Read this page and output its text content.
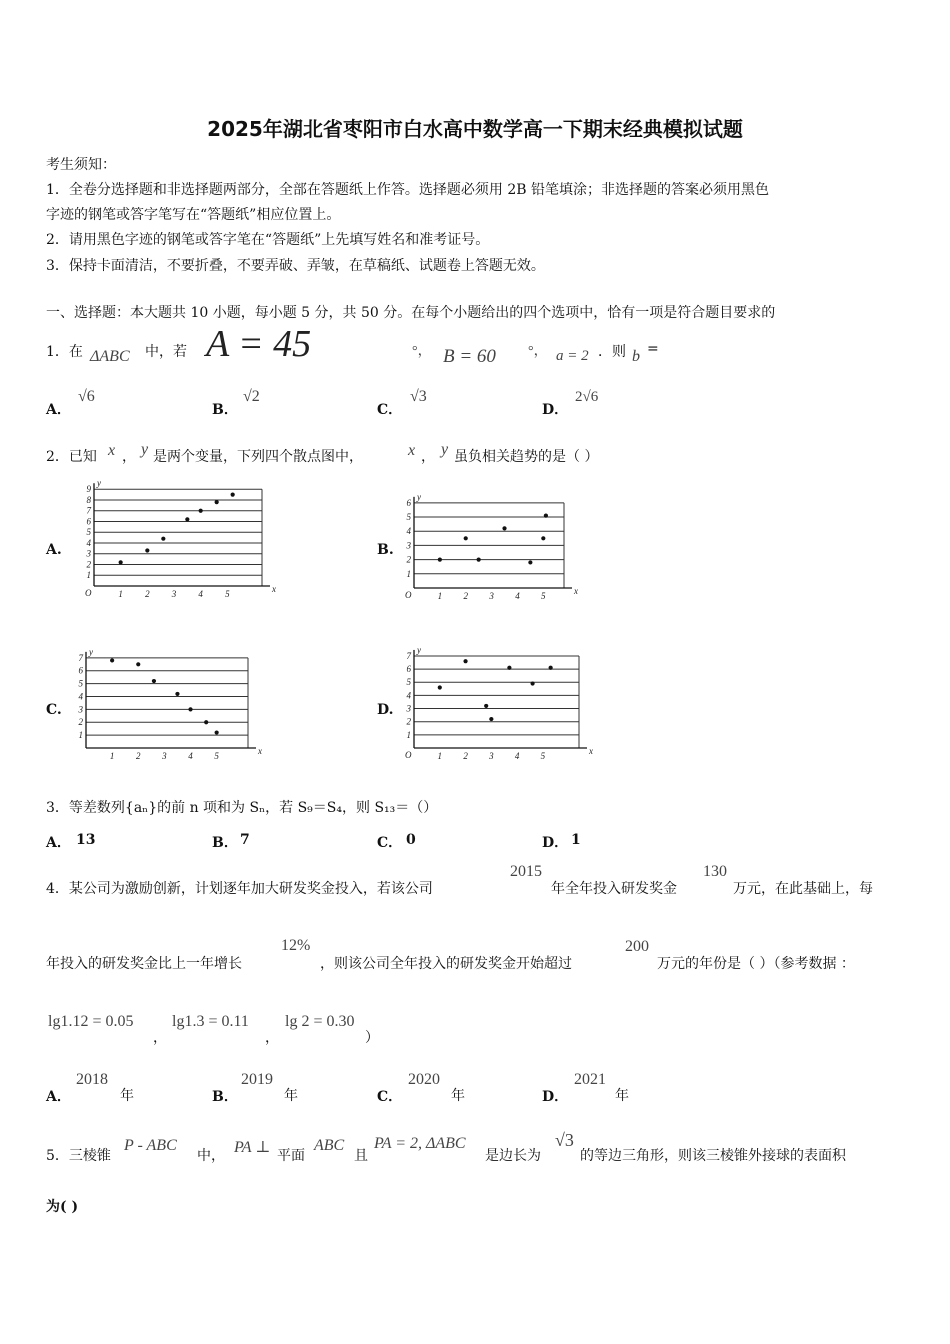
2025年湖北省枣阳市白水高中数学高一下期末经典模拟试题
考生须知：
1．全卷分选择题和非选择题两部分，全部在答题纸上作答。选择题必须用 2B 铅笔填涂；非选择题的答案必须用黑色
字迹的钢笔或答字笔写在“答题纸”相应位置上。
2．请用黑色字迹的钢笔或答字笔在“答题纸”上先填写姓名和准考证号。
3．保持卡面清洁，不要折叠，不要弄破、弄皱，在草稿纸、试题卷上答题无效。
一、选择题：本大题共 10 小题，每小题 5 分，共 50 分。在每个小题给出的四个选项中，恰有一项是符合题目要求的
1．在 ΔABC 中，若 A = 45	°， B = 60 °， a = 2 ．则 b =
A．
√6
B．
√2
C．
√3
D．
2√6
2．已知 x ， y 是两个变量，下列四个散点图中，	x ， y 虽负相关趋势的是（ ）
A.	B.
C.	D.
1
2
3
4
5
6
7
8
9
1 2 3 4 5	x
y
O
1
2
3
4
5
6
1 2 3 4 5	x
y
O
1
2
3
4
5
6
7
1 2 3 4 5	x
y
1
2
3
4
5
6
7
1 2 3 4 5	x
y
O
3．等差数列{aₙ}的前 n 项和为 Sₙ，若 S₉＝S₄，则 S₁₃＝（）
A． 13	B． 7	C． 0	D． 1
4．某公司为激励创新，计划逐年加大研发奖金投入，若该公司
2015
年全年投入研发奖金
130
万元，在此基础上，每
年投入的研发奖金比上一年增长
12%
，则该公司全年投入的研发奖金开始超过
200
万元的年份是（ ）（参考数据 ：
lg1.12 = 0.05
，
lg1.3 = 0.11
，
lg 2 = 0.30
）
A．
2018
年	B．
2019
年	C．
2020
年	D．
2021
年
5．三棱锥
P - ABC
中， PA ⊥ 平面
ABC
且
PA = 2, ΔABC
是边长为
√3
的等边三角形，则该三棱锥外接球的表面积
为( )
